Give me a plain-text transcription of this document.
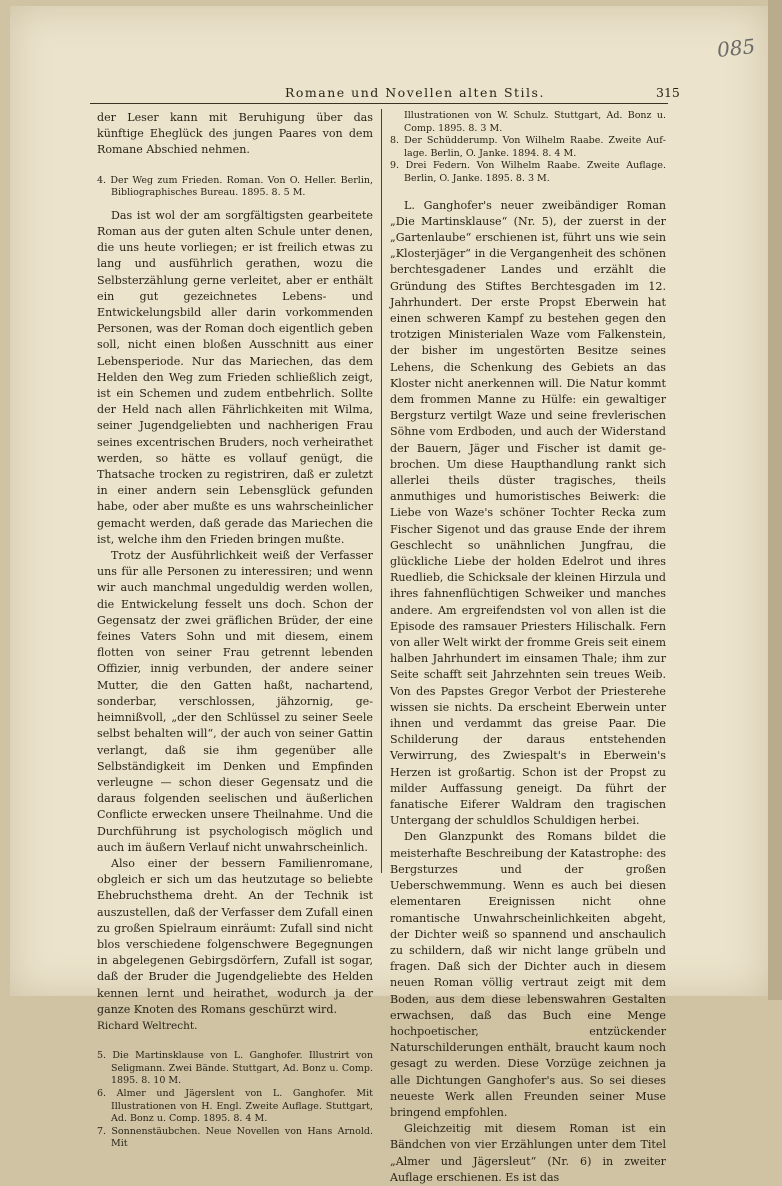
085
Romane und Novellen alten Stils.	315

der Leser kann mit Beruhigung über das künftige Eheglück des jungen Paares von dem Romane Abschied nehmen.

4. Der Weg zum Frieden. Roman. Von O. Heller. Berlin, Bibliographisches Bureau. 1895. 8. 5 M.

Das ist wol der am sorgfältigsten gearbeitete Roman aus der guten alten Schule unter denen, die uns heute vorliegen; er ist freilich etwas zu lang und ausführlich gerathen, wozu die Selbsterzählung gerne verleitet, aber er enthält ein gut gezeichnetes Lebens- und Entwickelungsbild aller darin vorkommenden Personen, was der Roman doch eigentlich geben soll, nicht einen bloßen Ausschnitt aus einer Lebensperiode. Nur das Mariechen, das dem Helden den Weg zum Frieden schließlich zeigt, ist ein Schemen und zudem entbehrlich. Sollte der Held nach allen Fährlichkeiten mit Wilma, seiner Jugendgeliebten und nachherigen Frau seines excentrischen Bruders, noch verheirathet werden, so hätte es vollauf genügt, die Thatsache trocken zu registriren, daß er zuletzt in einer andern sein Lebensglück gefunden habe, oder aber mußte es uns wahrscheinlicher gemacht werden, daß gerade das Mariechen die ist, welche ihm den Frieden bringen mußte.

Trotz der Ausführlichkeit weiß der Verfasser uns für alle Personen zu interessiren; und wenn wir auch manchmal ungeduldig werden wollen, die Entwickelung fesselt uns doch. Schon der Gegensatz der zwei gräflichen Brüder, der eine feines Vaters Sohn und mit diesem, einem flotten von seiner Frau getrennt lebenden Offizier, innig verbunden, der andere seiner Mutter, die den Gatten haßt, nachartend, sonderbar, verschlossen, jähzornig, geheimnißvoll, „der den Schlüssel zu seiner Seele selbst behalten will“, der auch von seiner Gattin verlangt, daß sie ihm gegenüber alle Selbständigkeit im Denken und Empfinden verleugne — schon dieser Gegensatz und die daraus folgenden seelischen und äußerlichen Conflicte erwecken unsere Theilnahme. Und die Durchführung ist psychologisch möglich und auch im äußern Verlauf nicht unwahrscheinlich.

Also einer der bessern Familienromane, obgleich er sich um das heutzutage so beliebte Ehebruchsthema dreht. An der Technik ist auszustellen, daß der Verfasser dem Zufall einen zu großen Spielraum einräumt: Zufall sind nicht blos verschiedene folgenschwere Begegnungen in abgelegenen Gebirgsdörfern, Zufall ist sogar, daß der Bruder die Jugendgeliebte des Helden kennen lernt und heirathet, wodurch ja der ganze Knoten des Romans geschürzt wird.

Richard Weltrecht.

5. Die Martinsklause von L. Ganghofer. Illustrirt von Seligmann. Zwei Bände. Stuttgart, Ad. Bonz u. Comp. 1895. 8. 10 M.

6. Almer und Jägerslent von L. Ganghofer. Mit Illustrationen von H. Engl. Zweite Auflage. Stuttgart, Ad. Bonz u. Comp. 1895. 8. 4 M.

7. Sonnenstäubchen. Neue Novellen von Hans Arnold. Mit

Illustrationen von W. Schulz. Stuttgart, Ad. Bonz u. Comp. 1895. 8. 3 M.

8. Der Schüdderump. Von Wilhelm Raabe. Zweite Auflage. Berlin, O. Janke. 1894. 8. 4 M.

9. Drei Federn. Von Wilhelm Raabe. Zweite Auflage. Berlin, O. Janke. 1895. 8. 3 M.

L. Ganghofer's neuer zweibändiger Roman „Die Martinsklause“ (Nr. 5), der zuerst in der „Gartenlaube“ erschienen ist, führt uns wie sein „Klosterjäger“ in die Vergangenheit des schönen berchtesgadener Landes und erzählt die Gründung des Stiftes Berchtesgaden im 12. Jahrhundert. Der erste Propst Eberwein hat einen schweren Kampf zu bestehen gegen den trotzigen Ministerialen Waze vom Falkenstein, der bisher im ungestörten Besitze seines Lehens, die Schenkung des Gebiets an das Kloster nicht anerkennen will. Die Natur kommt dem frommen Manne zu Hülfe: ein gewaltiger Bergsturz vertilgt Waze und seine frevlerischen Söhne vom Erdboden, und auch der Widerstand der Bauern, Jäger und Fischer ist damit gebrochen. Um diese Haupthandlung rankt sich allerlei theils düster tragisches, theils anmuthiges und humoristisches Beiwerk: die Liebe von Waze's schöner Tochter Recka zum Fischer Sigenot und das grause Ende der ihrem Geschlecht so unähnlichen Jungfrau, die glückliche Liebe der holden Edelrot und ihres Ruedlieb, die Schicksale der kleinen Hirzula und ihres fahnenflüchtigen Schweiker und manches andere. Am ergreifendsten vol von allen ist die Episode des ramsauer Priesters Hilischalk. Fern von aller Welt wirkt der fromme Greis seit einem halben Jahrhundert im einsamen Thale; ihm zur Seite schafft seit Jahrzehnten sein treues Weib. Von des Papstes Gregor Verbot der Priesterehe wissen sie nichts. Da erscheint Eberwein unter ihnen und verdammt das greise Paar. Die Schilderung der daraus entstehenden Verwirrung, des Zwiespalt's in Eberwein's Herzen ist großartig. Schon ist der Propst zu milder Auffassung geneigt. Da führt der fanatische Eiferer Waldram den tragischen Untergang der schuldlos Schuldigen herbei.

Den Glanzpunkt des Romans bildet die meisterhafte Beschreibung der Katastrophe: des Bergsturzes und der großen Ueberschwemmung. Wenn es auch bei diesen elementaren Ereignissen nicht ohne romantische Unwahrscheinlichkeiten abgeht, der Dichter weiß so spannend und anschaulich zu schildern, daß wir nicht lange grübeln und fragen. Daß sich der Dichter auch in diesem neuen Roman völlig vertraut zeigt mit dem Boden, aus dem diese lebenswahren Gestalten erwachsen, daß das Buch eine Menge hochpoetischer, entzückender Naturschilderungen enthält, braucht kaum noch gesagt zu werden. Diese Vorzüge zeichnen ja alle Dichtungen Ganghofer's aus. So sei dieses neueste Werk allen Freunden seiner Muse bringend empfohlen.

Gleichzeitig mit diesem Roman ist ein Bändchen von vier Erzählungen unter dem Titel „Almer und Jägersleut“ (Nr. 6) in zweiter Auflage erschienen. Es ist das
